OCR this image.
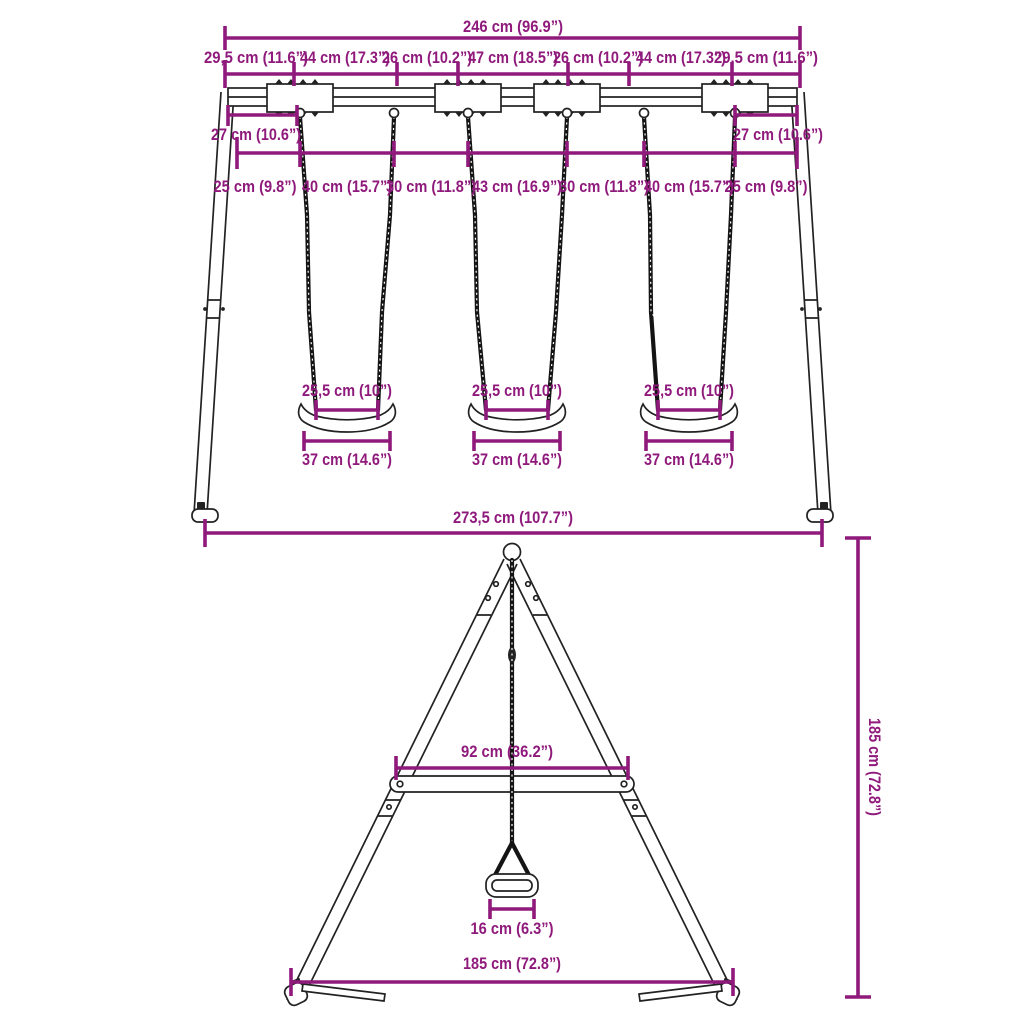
246 cm (96.9”)
29,5 cm (11.6”)
44 cm (17.3”)
26 cm (10.2”)
47 cm (18.5”)
26 cm (10.2”)
44 cm (17.3”)
29,5 cm (11.6”)
27 cm (10.6”)	27 cm (10.6”)
25 cm (9.8”) 40 cm (15.7”)
30 cm (11.8”)
43 cm (16.9”)
30 cm (11.8”)
40 cm (15.7”)
25 cm (9.8”)
25,5 cm (10”)	25,5 cm (10”)	25,5 cm (10”)
37 cm (14.6”)	37 cm (14.6”)	37 cm (14.6”)
273,5 cm (107.7”)
92 cm (36.2”)
16 cm (6.3”)
185 cm (72.8”)
185 cm (72.8”)
